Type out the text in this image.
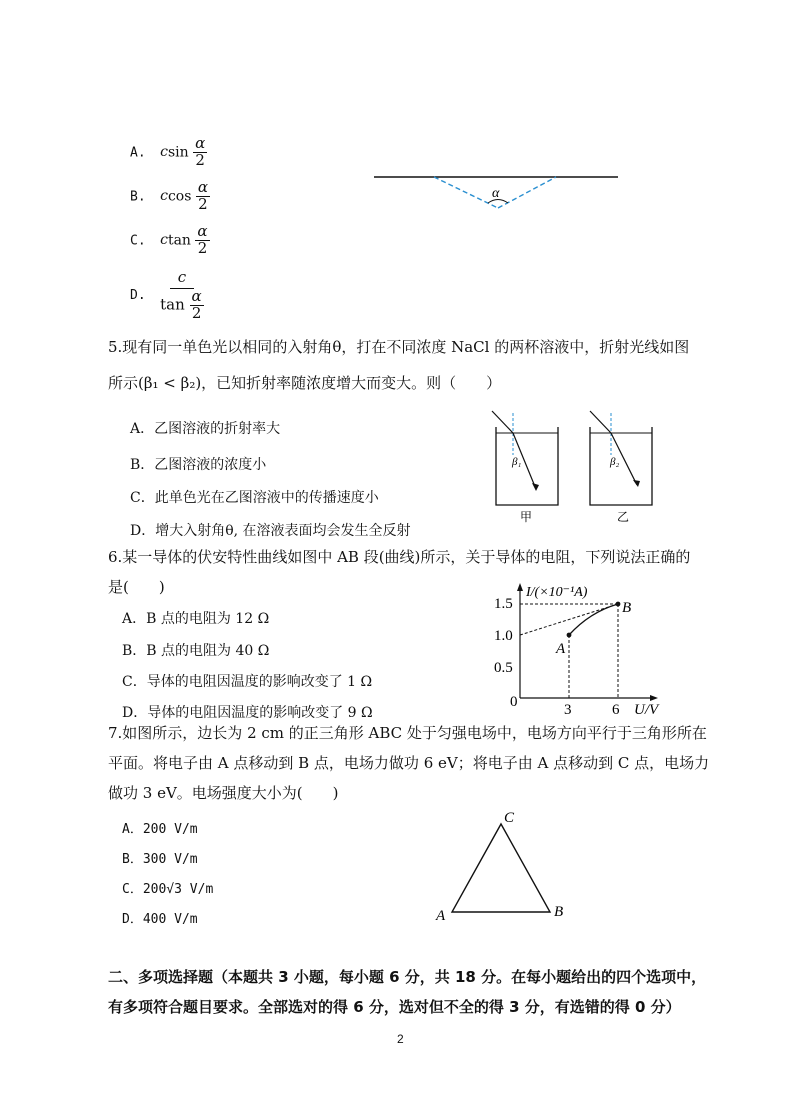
A. csin $\frac{\alpha}{2}$
B. ccos $\frac{\alpha}{2}$
C. ctan $\frac{\alpha}{2}$
D. $\frac{c}{\tan \frac{\alpha}{2}}$
α
5.现有同一单色光以相同的入射角θ，打在不同浓度 NaCl 的两杯溶液中，折射光线如图
所示(β₁ < β₂)，已知折射率随浓度增大而变大。则（　　）
A．乙图溶液的折射率大
B．乙图溶液的浓度小
C．此单色光在乙图溶液中的传播速度小
D．增大入射角θ, 在溶液表面均会发生全反射
β₁
甲
β₂
乙
6.某一导体的伏安特性曲线如图中 AB 段(曲线)所示，关于导体的电阻，下列说法正确的
是(　　)
A．B 点的电阻为 12 Ω
B．B 点的电阻为 40 Ω
C．导体的电阻因温度的影响改变了 1 Ω
D．导体的电阻因温度的影响改变了 9 Ω
I/(×10⁻¹A)
U/V
1.5
1.0
0.5
0	3	6
A
B
7.如图所示，边长为 2 cm 的正三角形 ABC 处于匀强电场中，电场方向平行于三角形所在
平面。将电子由 A 点移动到 B 点，电场力做功 6 eV；将电子由 A 点移动到 C 点，电场力
做功 3 eV。电场强度大小为(　　)
A．200 V/m
B．300 V/m
C．200√3 V/m
D．400 V/m	A	B
C
二、多项选择题（本题共 3 小题，每小题 6 分，共 18 分。在每小题给出的四个选项中，
有多项符合题目要求。全部选对的得 6 分，选对但不全的得 3 分，有选错的得 0 分）
2
